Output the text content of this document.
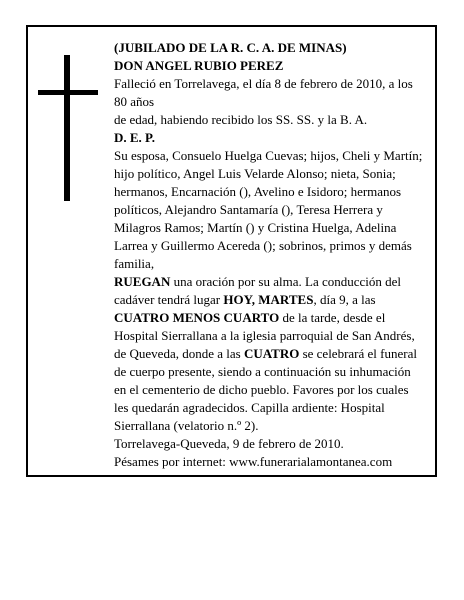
(JUBILADO DE LA R. C. A. DE MINAS)

DON ANGEL RUBIO PEREZ

Falleció en Torrelavega, el día 8 de febrero de 2010, a los 80 años

de edad, habiendo recibido los SS. SS. y la B. A.

D. E. P.

Su esposa, Consuelo Huelga Cuevas; hijos, Cheli y Martín; hijo político, Angel Luis Velarde Alonso; nieta, Sonia; hermanos, Encarnación (), Avelino e Isidoro; hermanos políticos, Alejandro Santamaría (), Teresa Herrera y Milagros Ramos; Martín () y Cristina Huelga, Adelina Larrea y Guillermo Acereda (); sobrinos, primos y demás familia,

RUEGAN una oración por su alma. La conducción del cadáver tendrá lugar HOY, MARTES, día 9, a las CUATRO MENOS CUARTO de la tarde, desde el Hospital Sierrallana a la iglesia parroquial de San Andrés, de Queveda, donde a las CUATRO se celebrará el funeral de cuerpo presente, siendo a continuación su inhumación en el cementerio de dicho pueblo. Favores por los cuales les quedarán agradecidos. Capilla ardiente: Hospital Sierrallana (velatorio n.º 2).

Torrelavega-Queveda, 9 de febrero de 2010.

Pésames por internet: www.funerarialamontanea.com
